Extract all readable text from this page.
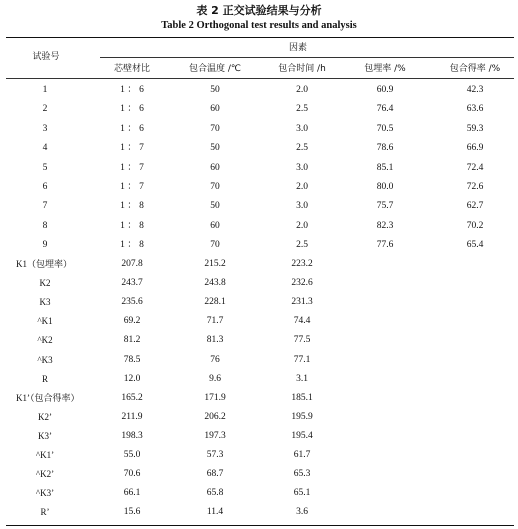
表 2 正交试验结果与分析
Table 2 Orthogonal test results and analysis
试验号
因素
芯壁材比	包合温度 /℃	包合时间 /h	包埋率 /%	包合得率 /%
1	1 ： 6	50	2.0	60.9	42.3
2	1 ： 6	60	2.5	76.4	63.6
3	1 ： 6	70	3.0	70.5	59.3
4	1 ： 7	50	2.5	78.6	66.9
5	1 ： 7	60	3.0	85.1	72.4
6	1 ： 7	70	2.0	80.0	72.6
7	1 ： 8	50	3.0	75.7	62.7
8	1 ： 8	60	2.0	82.3	70.2
9	1 ： 8	70	2.5	77.6	65.4
K1（包埋率）	207.8	215.2	223.2
K2	243.7	243.8	232.6
K3	235.6	228.1	231.3
^K1	69.2	71.7	74.4
^K2	81.2	81.3	77.5
^K3	78.5	76	77.1
R	12.0	9.6	3.1
K1’（包合得率）	165.2	171.9	185.1
K2’	211.9	206.2	195.9
K3’	198.3	197.3	195.4
^K1’	55.0	57.3	61.7
^K2’	70.6	68.7	65.3
^K3’	66.1	65.8	65.1
R’	15.6	11.4	3.6
